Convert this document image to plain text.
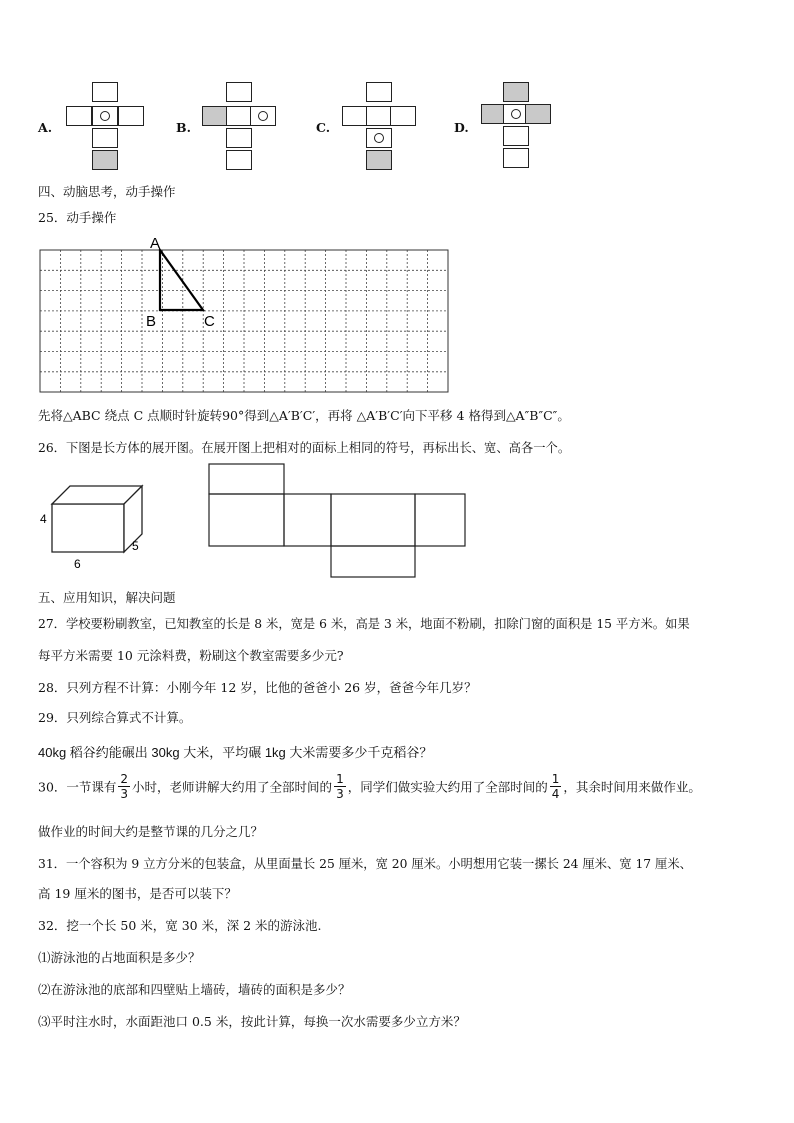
A.	B.	C.	D.
四、动脑思考，动手操作
25．动手操作
A
B	C
先将△ABC 绕点 C 点顺时针旋转90°得到△A′B′C′，再将 △A′B′C′向下平移 4 格得到△A″B″C″。
26．下图是长方体的展开图。在展开图上把相对的面标上相同的符号，再标出长、宽、高各一个。
4
6
5
五、应用知识，解决问题
27．学校要粉刷教室，已知教室的长是 8 米，宽是 6 米，高是 3 米，地面不粉刷，扣除门窗的面积是 15 平方米。如果
每平方米需要 10 元涂料费，粉刷这个教室需要多少元?
28．只列方程不计算：小刚今年 12 岁，比他的爸爸小 26 岁，爸爸今年几岁？
29．只列综合算式不计算。
40kg 稻谷约能碾出 30kg 大米，平均碾 1kg 大米需要多少千克稻谷？
30．一节课有 $\frac{2}{3}$ 小时，老师讲解大约用了全部时间的 $\frac{1}{3}$ ，同学们做实验大约用了全部时间的 $\frac{1}{4}$ ，其余时间用来做作业。
做作业的时间大约是整节课的几分之几？
31．一个容积为 9 立方分米的包装盒，从里面量长 25 厘米，宽 20 厘米。小明想用它装一摞长 24 厘米、宽 17 厘米、
高 19 厘米的图书，是否可以装下？
32．挖一个长 50 米，宽 30 米，深 2 米的游泳池.
⑴游泳池的占地面积是多少？
⑵在游泳池的底部和四壁贴上墙砖，墙砖的面积是多少？
⑶平时注水时，水面距池口 0.5 米，按此计算，每换一次水需要多少立方米？
